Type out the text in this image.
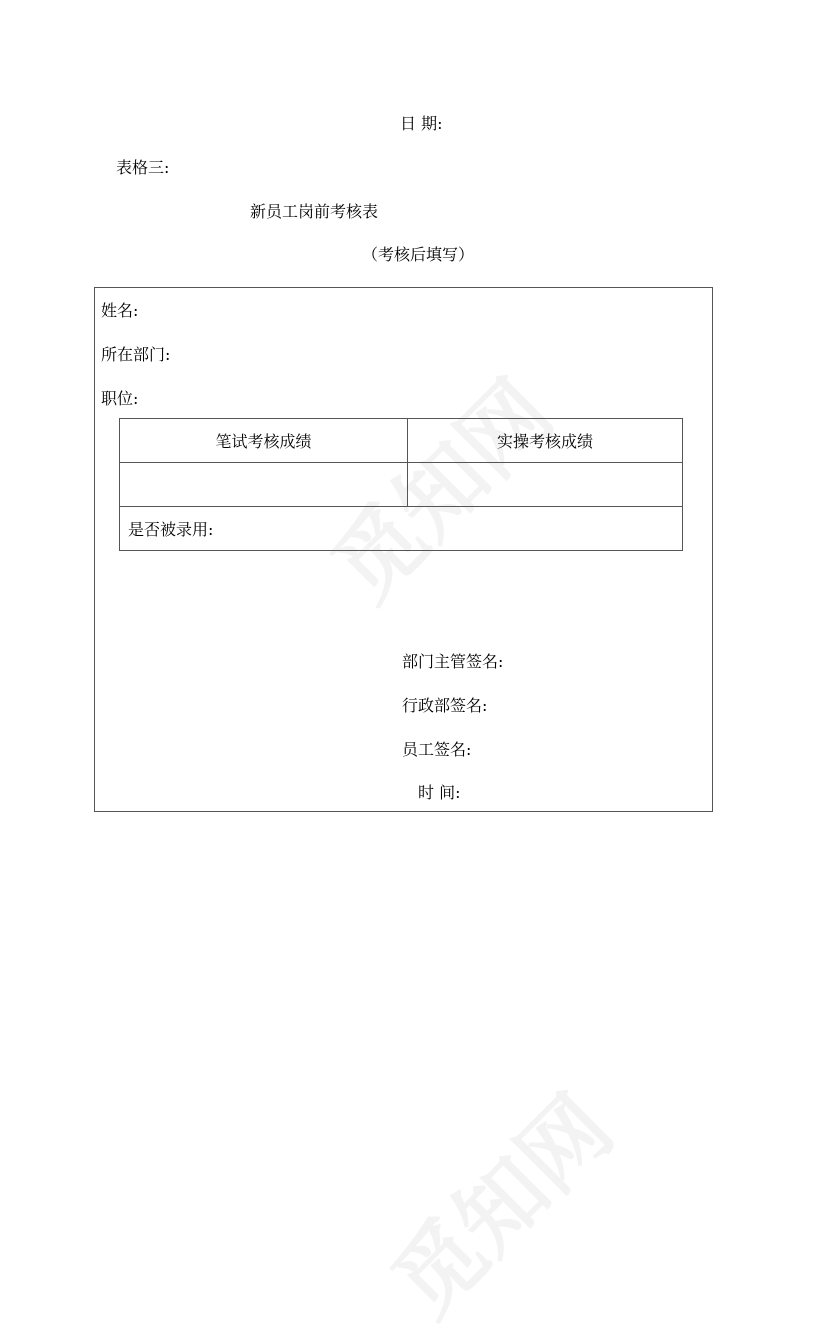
日 期:
表格三:
新员工岗前考核表
（考核后填写）
姓名:
所在部门:
职位:
笔试考核成绩	实操考核成绩

是否被录用:	
部门主管签名:
行政部签名:
员工签名:
时 间:
